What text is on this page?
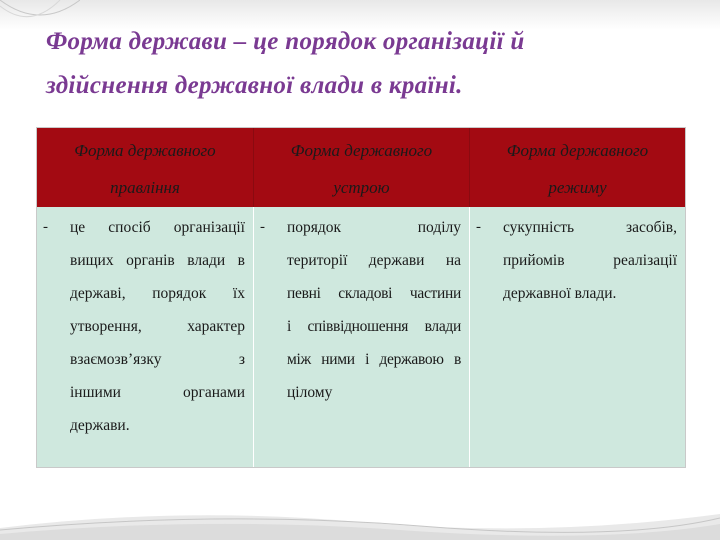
Форма держави – це порядок організації й
здійснення державної влади в країні.
Форма державного
правління
Форма державного
устрою
Форма державного
режиму
- це спосіб організації
вищих органів влади в
державі, порядок їх
утворення, характер
взаємозв’язку з
іншими органами
держави.
- порядок поділу
території держави на
певні складові частини
і співвідношення влади
між ними і державою в
цілому
- сукупність засобів,
прийомів реалізації
державної влади.
